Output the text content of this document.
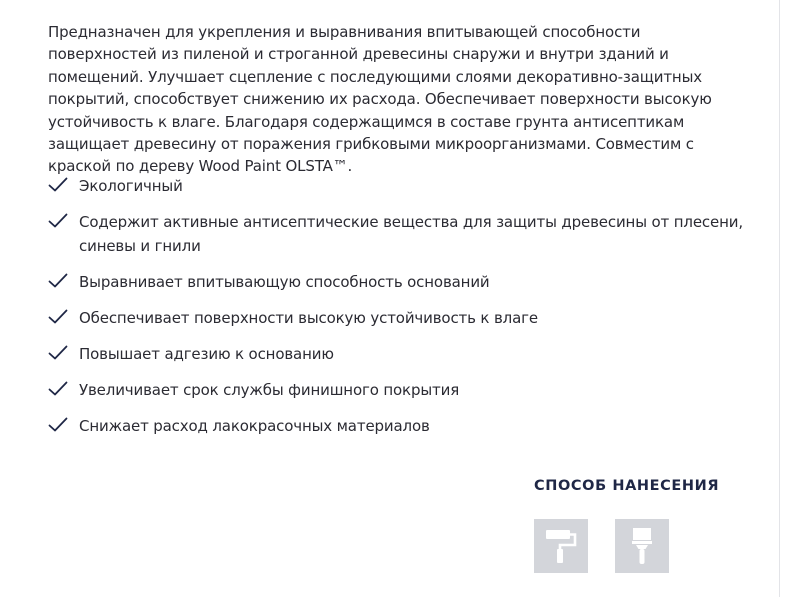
Предназначен для укрепления и выравнивания впитывающей способности поверхностей из пиленой и строганной древесины снаружи и внутри зданий и помещений. Улучшает сцепление с последующими слоями декоративно-защитных покрытий, способствует снижению их расхода. Обеспечивает поверхности высокую устойчивость к влаге. Благодаря содержащимся в составе грунта антисептикам защищает древесину от поражения грибковыми микроорганизмами. Совместим с краской по дереву Wood Paint OLSTA™.

Экологичный
Содержит активные антисептические вещества для защиты древесины от плесени, синевы и гнили
Выравнивает впитывающую способность оснований
Обеспечивает поверхности высокую устойчивость к влаге
Повышает адгезию к основанию
Увеличивает срок службы финишного покрытия
Снижает расход лакокрасочных материалов
СПОСОБ НАНЕСЕНИЯ
